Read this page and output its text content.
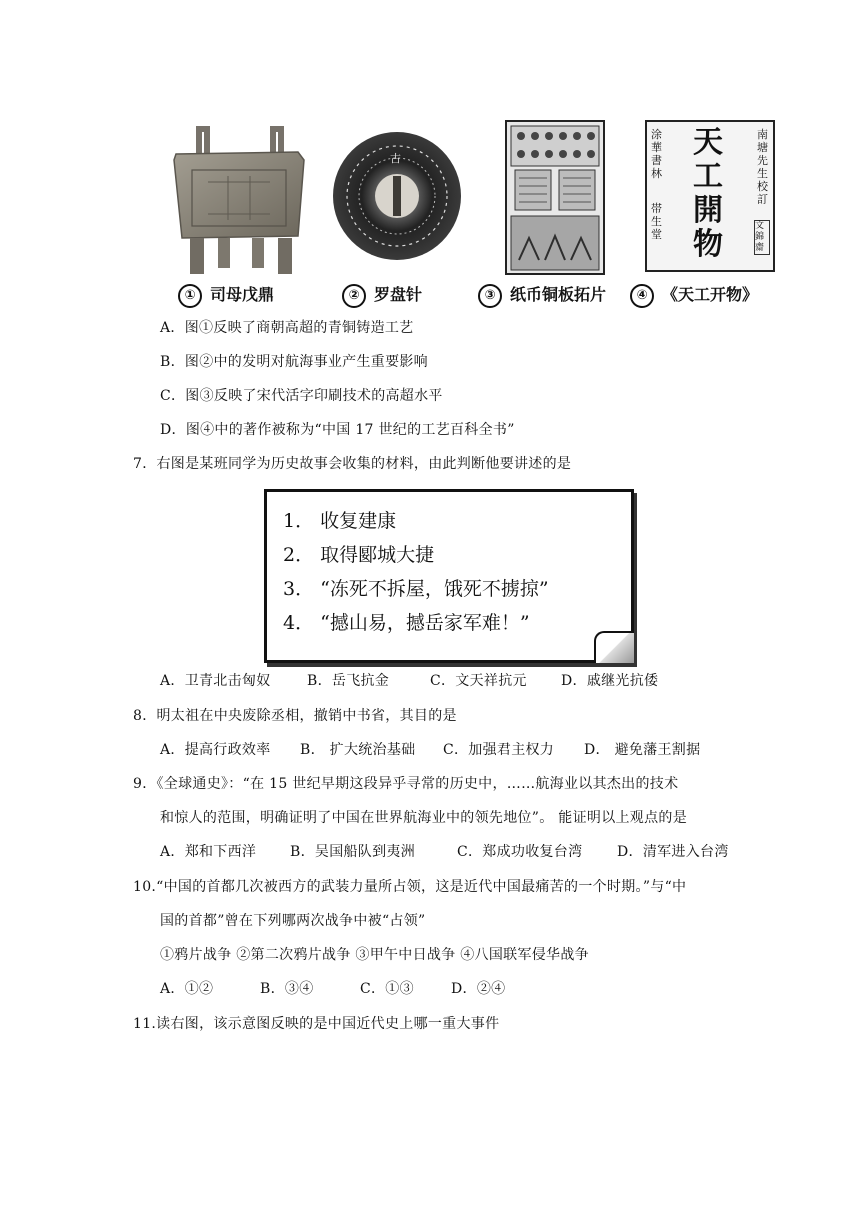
古
涂華書林
南塘先生校訂
天
工
開
物
帯生堂
文錦齋
① 司母戊鼎	② 罗盘针	③ 纸币铜板拓片	④ 《天工开物》
A．图①反映了商朝高超的青铜铸造工艺
B．图②中的发明对航海事业产生重要影响
C．图③反映了宋代活字印刷技术的高超水平
D．图④中的著作被称为“中国 17 世纪的工艺百科全书”
7．右图是某班同学为历史故事会收集的材料，由此判断他要讲述的是
1． 收复建康
2． 取得郾城大捷
3． “冻死不拆屋，饿死不掳掠”
4． “撼山易，撼岳家军难！”
A．卫青北击匈奴	B．岳飞抗金	C．文天祥抗元 D．戚继光抗倭
8．明太祖在中央废除丞相，撤销中书省，其目的是
A．提高行政效率 B． 扩大统治基础 C．加强君主权力 D． 避免藩王割据
9．《全球通史》：“在 15 世纪早期这段异乎寻常的历史中，……航海业以其杰出的技术
和惊人的范围，明确证明了中国在世界航海业中的领先地位”。 能证明以上观点的是
A．郑和下西洋 B．吴国船队到夷洲	C．郑成功收复台湾 D．清军进入台湾
10.“中国的首都几次被西方的武装力量所占领，这是近代中国最痛苦的一个时期。”与“中
国的首都”曾在下列哪两次战争中被“占领”
①鸦片战争 ②第二次鸦片战争 ③甲午中日战争 ④八国联军侵华战争
A．①②	B．③④	C．①③	D．②④
11.读右图，该示意图反映的是中国近代史上哪一重大事件
